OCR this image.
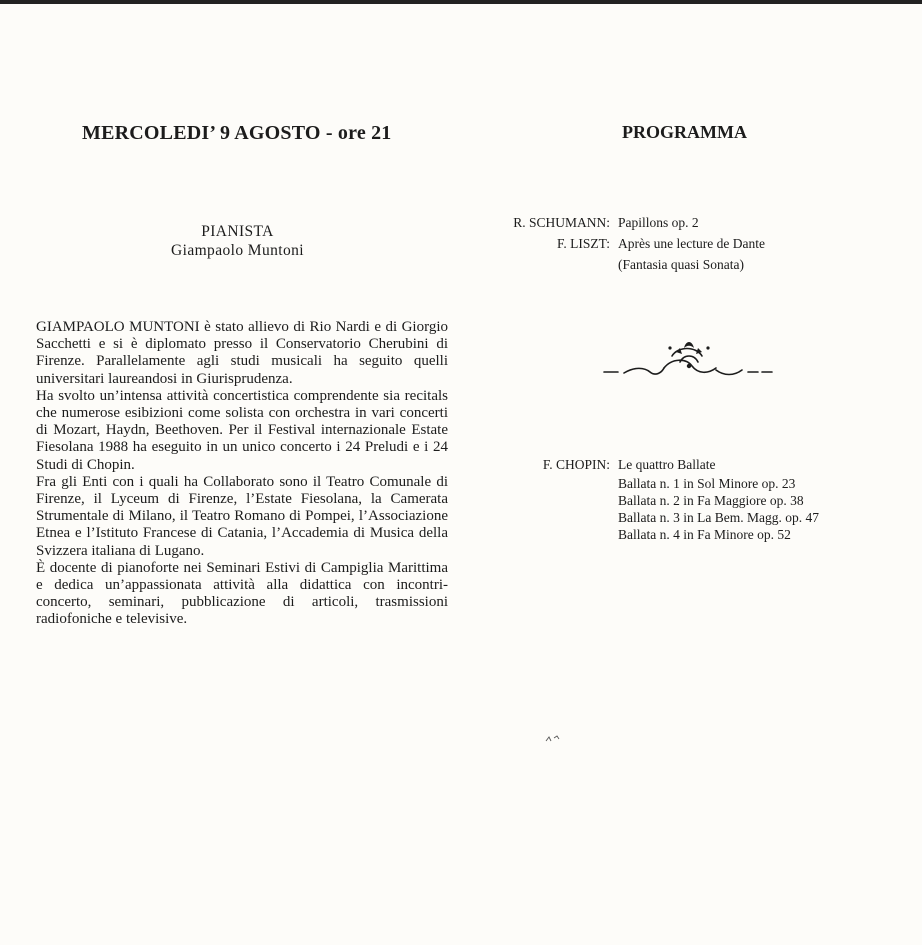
MERCOLEDI’ 9 AGOSTO - ore 21
PIANISTA
Giampaolo Muntoni

GIAMPAOLO MUNTONI è stato allievo di Rio Nardi e di Giorgio Sacchetti e si è diplomato presso il Conservatorio Cherubini di Firenze. Parallelamente agli studi musicali ha seguito quelli universitari laureandosi in Giurisprudenza.

Ha svolto un’intensa attività concertistica comprendente sia recitals che numerose esibizioni come solista con orchestra in vari concerti di Mozart, Haydn, Beethoven. Per il Festival internazionale Estate Fiesolana 1988 ha eseguito in un unico concerto i 24 Preludi e i 24 Studi di Chopin.

Fra gli Enti con i quali ha Collaborato sono il Teatro Comunale di Firenze, il Lyceum di Firenze, l’Estate Fiesolana, la Camerata Strumentale di Milano, il Teatro Romano di Pompei, l’Associazione Etnea e l’Istituto Francese di Catania, l’Accademia di Musica della Svizzera italiana di Lugano.

È docente di pianoforte nei Seminari Estivi di Campiglia Marittima e dedica un’appassionata attività alla didattica con incontri-concerto, seminari, pubblicazione di articoli, trasmissioni radiofoniche e televisive.

PROGRAMMA
R. SCHUMANN: Papillons op. 2
F. LISZT: Après une lecture de Dante
(Fantasia quasi Sonata)
F. CHOPIN: Le quattro Ballate
Ballata n. 1 in Sol Minore op. 23
Ballata n. 2 in Fa Maggiore op. 38
Ballata n. 3 in La Bem. Magg. op. 47
Ballata n. 4 in Fa Minore op. 52
